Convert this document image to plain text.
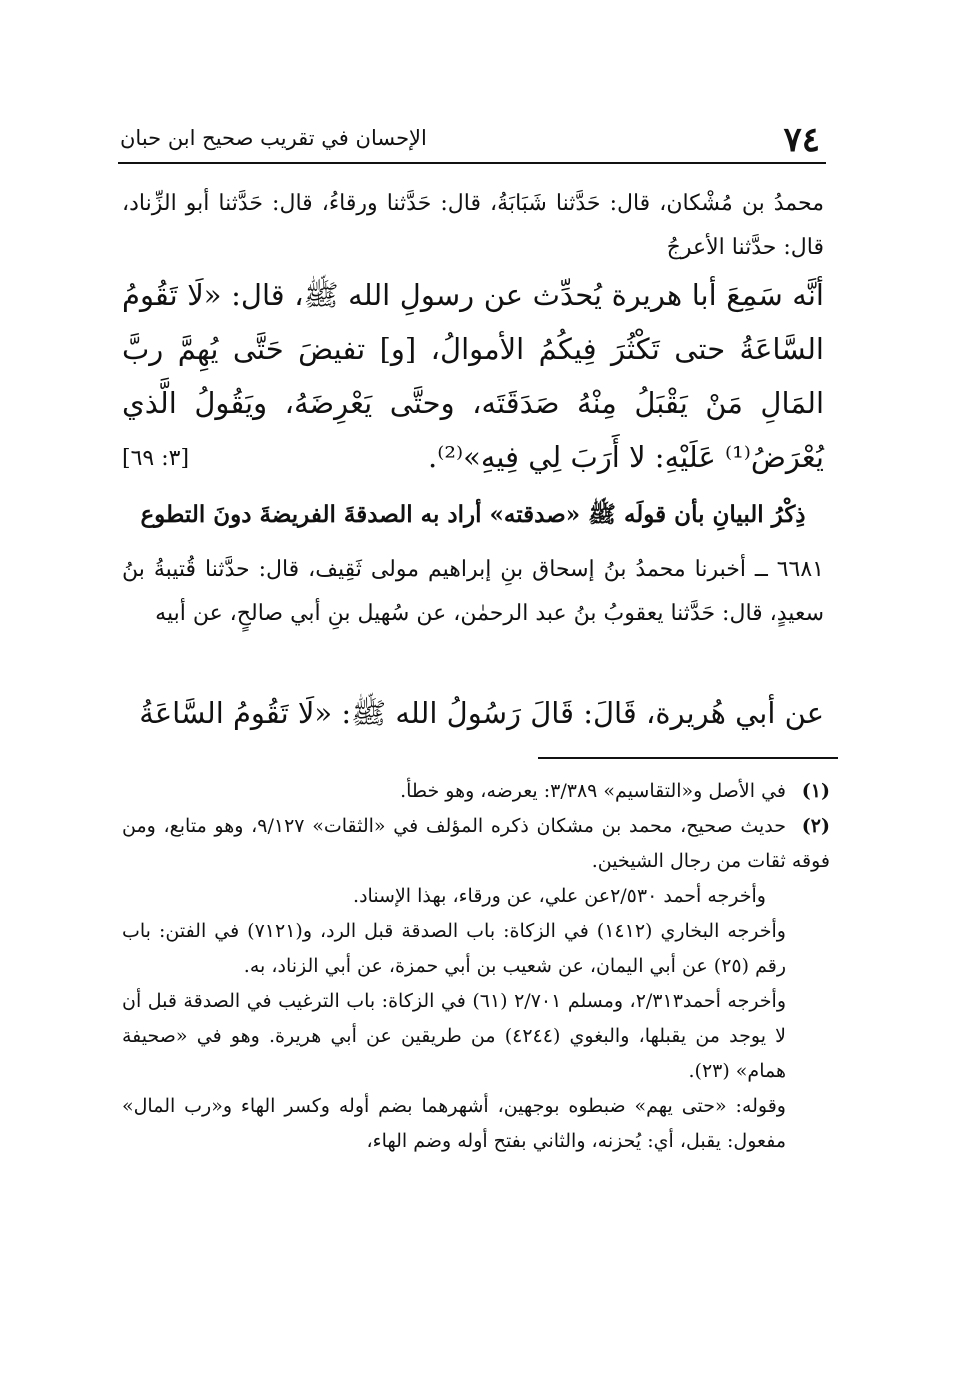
٧٤
الإحسان في تقريب صحيح ابن حبان
محمدُ بن مُشْكان، قال: حَدَّثنا شَبَابَةُ، قال: حَدَّثنا ورقاءُ، قال: حَدَّثنا أبو الزِّناد، قال: حدَّثنا الأعرجُ
أنَّه سَمِعَ أبا هريرة يُحدِّث عن رسولِ الله ﷺ، قال: «لَا تَقُومُ السَّاعَةُ حتى تَكْثُرَ فِيكُمُ الأموالُ، [و] تفيضَ حَتَّى يُهِمَّ ربَّ المَالِ مَنْ يَقْبَلُ مِنْهُ صَدَقَتَه، وحتَّى يَعْرِضَهُ، ويَقُولُ الَّذي يُعْرَضُ⁽¹⁾ عَلَيْهِ: لا أَرَبَ لِي فِيهِ»⁽²⁾.
[٣: ٦٩]
ذِكْرُ البيانِ بأن قولَه ﷺ «صدقته» أراد به الصدقةَ الفريضةَ دونَ التطوع
٦٦٨١ ــ أخبرنا محمدُ بنُ إسحاق بنِ إبراهيم مولى ثَقِيف، قال: حدَّثنا قُتيبةُ بنُ سعيدٍ، قال: حَدَّثنا يعقوبُ بنُ عبد الرحمٰن، عن سُهيل بنِ أبي صالحٍ، عن أبيه
عن أبي هُريرة، قَالَ: قَالَ رَسُولُ الله ﷺ: «لَا تَقُومُ السَّاعَةُ

(١)في الأصل و«التقاسيم» ٣/٣٨٩: يعرضه، وهو خطأ.

(٢)حديث صحيح، محمد بن مشكان ذكره المؤلف في «الثقات» ٩/١٢٧، وهو متابع، ومن فوقه ثقات من رجال الشيخين.

وأخرجه أحمد ٢/٥٣٠عن علي، عن ورقاء، بهذا الإسناد.

وأخرجه البخاري (١٤١٢) في الزكاة: باب الصدقة قبل الرد، و(٧١٢١) في الفتن: باب رقم (٢٥) عن أبي اليمان، عن شعيب بن أبي حمزة، عن أبي الزناد، به.

وأخرجه أحمد٢/٣١٣، ومسلم ٢/٧٠١ (٦١) في الزكاة: باب الترغيب في الصدقة قبل أن لا يوجد من يقبلها، والبغوي (٤٢٤٤) من طريقين عن أبي هريرة. وهو في «صحيفة همام» (٢٣).

وقوله: «حتى يهم» ضبطوه بوجهين، أشهرهما بضم أوله وكسر الهاء و«رب المال» مفعول: يقبل، أي: يُحزنه، والثاني بفتح أوله وضم الهاء،
